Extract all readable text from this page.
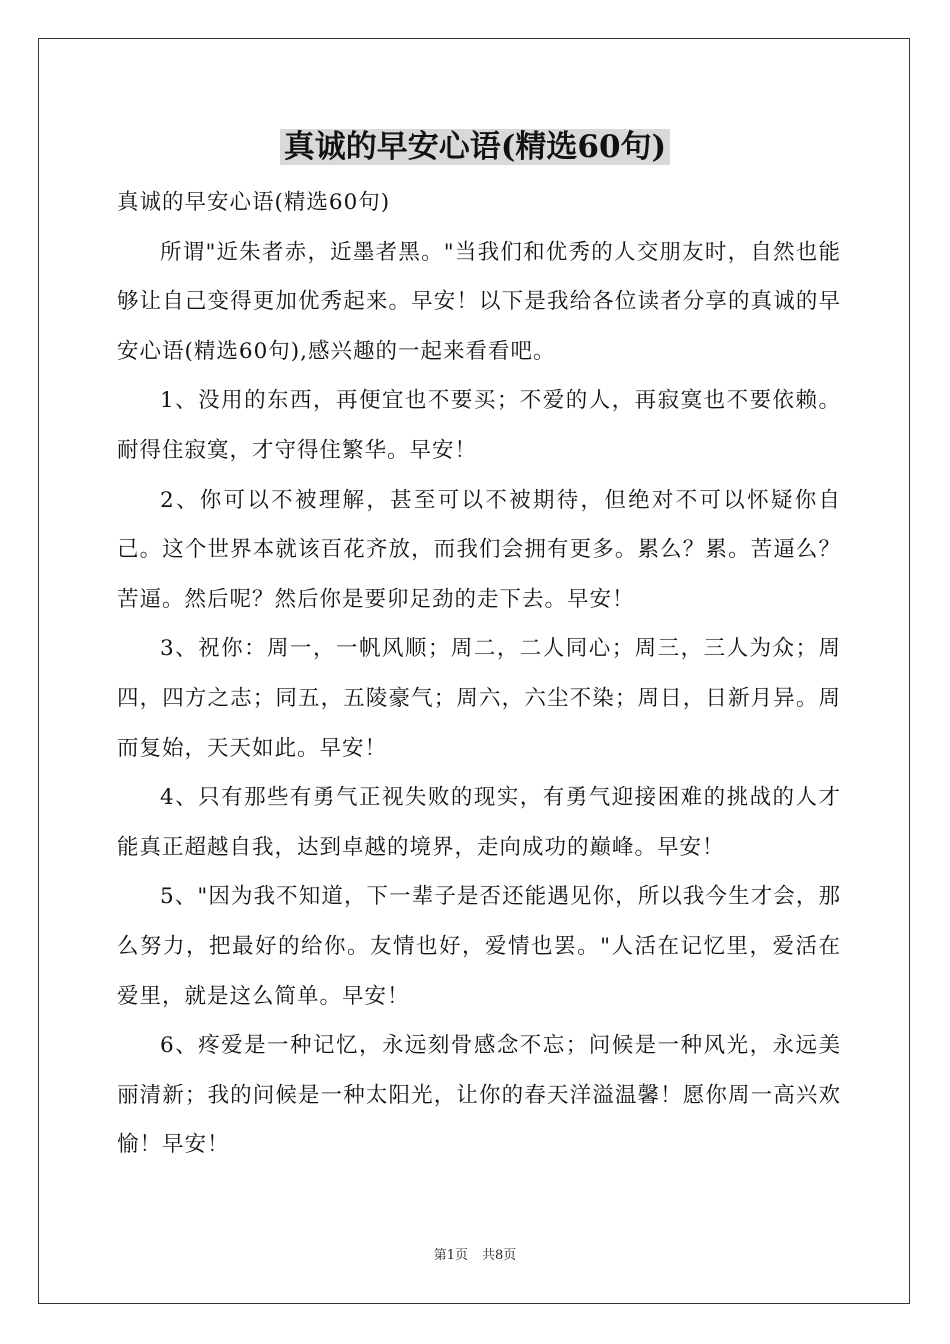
真诚的早安心语(精选60句)

真诚的早安心语(精选60句)

所谓"近朱者赤，近墨者黑。"当我们和优秀的人交朋友时，自然也能够让自己变得更加优秀起来。早安！以下是我给各位读者分享的真诚的早安心语(精选60句),感兴趣的一起来看看吧。

1、没用的东西，再便宜也不要买；不爱的人，再寂寞也不要依赖。耐得住寂寞，才守得住繁华。早安！

2、你可以不被理解，甚至可以不被期待，但绝对不可以怀疑你自己。这个世界本就该百花齐放，而我们会拥有更多。累么？累。苦逼么？苦逼。然后呢？然后你是要卯足劲的走下去。早安！

3、祝你：周一，一帆风顺；周二，二人同心；周三，三人为众；周四，四方之志；同五，五陵豪气；周六，六尘不染；周日，日新月异。周而复始，天天如此。早安！

4、只有那些有勇气正视失败的现实，有勇气迎接困难的挑战的人才能真正超越自我，达到卓越的境界，走向成功的巅峰。早安！

5、"因为我不知道，下一辈子是否还能遇见你，所以我今生才会，那么努力，把最好的给你。友情也好，爱情也罢。"人活在记忆里，爱活在爱里，就是这么简单。早安！

6、疼爱是一种记忆，永远刻骨感念不忘；问候是一种风光，永远美丽清新；我的问候是一种太阳光，让你的春天洋溢温馨！愿你周一高兴欢愉！早安！

第1页 共8页
